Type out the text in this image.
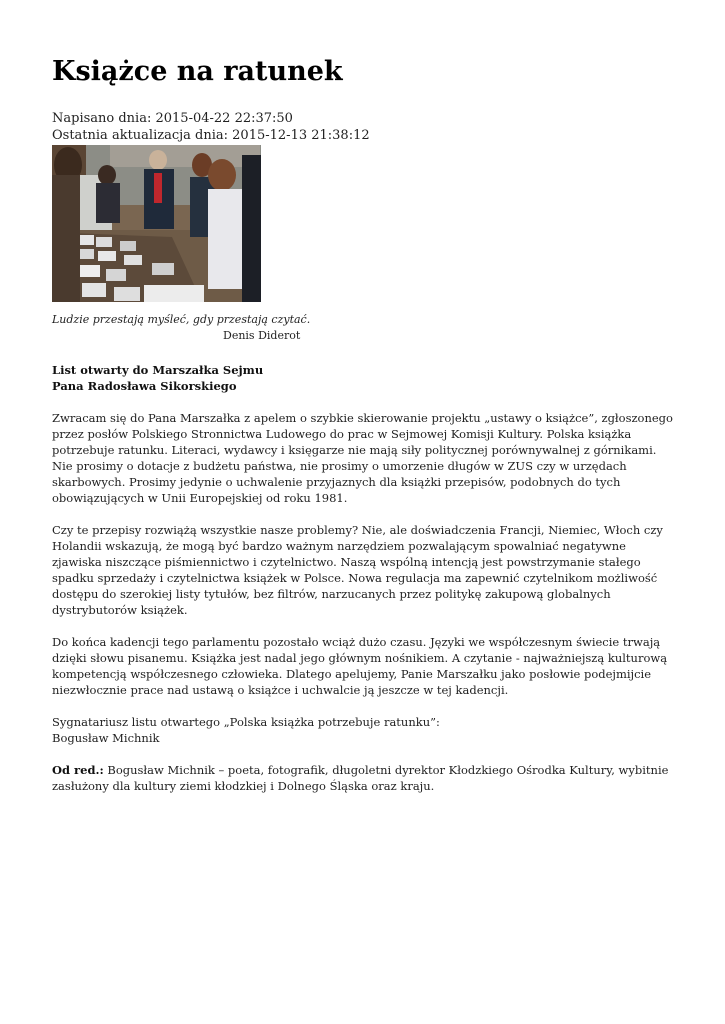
Książce na ratunek
Napisano dnia: 2015-04-22 22:37:50
Ostatnia aktualizacja dnia: 2015-12-13 21:38:12
Ludzie przestają myśleć, gdy przestają czytać.
Denis Diderot

List otwarty do Marszałka Sejmu
Pana Radosława Sikorskiego

Zwracam się do Pana Marszałka z apelem o szybkie skierowanie projektu „ustawy o książce”, zgłoszonego przez posłów Polskiego Stronnictwa Ludowego do prac w Sejmowej Komisji Kultury. Polska książka potrzebuje ratunku. Literaci, wydawcy i księgarze nie mają siły politycznej porównywalnej z górnikami. Nie prosimy o dotacje z budżetu państwa, nie prosimy o umorzenie długów w ZUS czy w urzędach skarbowych. Prosimy jedynie o uchwalenie przyjaznych dla książki przepisów, podobnych do tych obowiązujących w Unii Europejskiej od roku 1981.

Czy te przepisy rozwiążą wszystkie nasze problemy? Nie, ale doświadczenia Francji, Niemiec, Włoch czy Holandii wskazują, że mogą być bardzo ważnym narzędziem pozwalającym spowalniać negatywne zjawiska niszczące piśmiennictwo i czytelnictwo. Naszą wspólną intencją jest powstrzymanie stałego spadku sprzedaży i czytelnictwa książek w Polsce. Nowa regulacja ma zapewnić czytelnikom możliwość dostępu do szerokiej listy tytułów, bez filtrów, narzucanych przez politykę zakupową globalnych dystrybutorów książek.

Do końca kadencji tego parlamentu pozostało wciąż dużo czasu. Języki we współczesnym świecie trwają dzięki słowu pisanemu. Książka jest nadal jego głównym nośnikiem. A czytanie - najważniejszą kulturową kompetencją współczesnego człowieka. Dlatego apelujemy, Panie Marszałku jako posłowie podejmijcie niezwłocznie prace nad ustawą o książce i uchwalcie ją jeszcze w tej kadencji.

Sygnatariusz listu otwartego „Polska książka potrzebuje ratunku”:
Bogusław Michnik

Od red.: Bogusław Michnik – poeta, fotografik, długoletni dyrektor Kłodzkiego Ośrodka Kultury, wybitnie zasłużony dla kultury ziemi kłodzkiej i Dolnego Śląska oraz kraju.
